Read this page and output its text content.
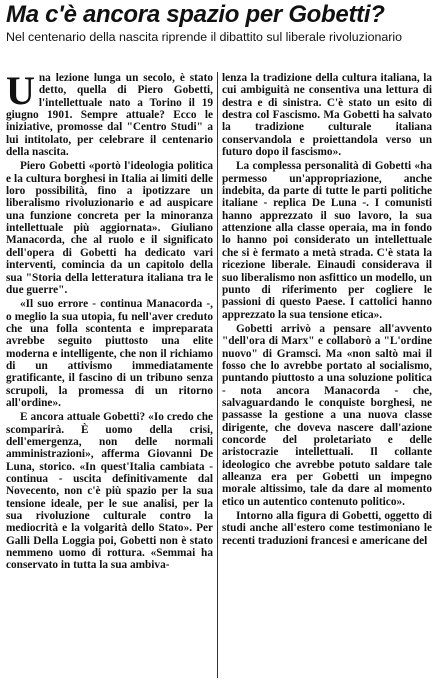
Ma c'è ancora spazio per Gobetti?
Nel centenario della nascita riprende il dibattito sul liberale rivoluzionario

Una lezione lunga un secolo, è stato detto, quella di Piero Gobetti, l'intellettuale nato a Torino il 19 giugno 1901. Sempre attuale? Ecco le iniziative, promosse dal "Centro Studi" a lui intitolato, per celebrare il centenario della nascita.

Piero Gobetti «portò l'ideologia politica e la cultura borghesi in Italia ai limiti delle loro possibilità, fino a ipotizzare un liberalismo rivoluzionario e ad auspicare una funzione concreta per la minoranza intellettuale più aggiornata». Giuliano Manacorda, che al ruolo e il significato dell'opera di Gobetti ha dedicato vari interventi, comincia da un capitolo della sua "Storia della letteratura italiana tra le due guerre".

«Il suo errore - continua Manacorda -, o meglio la sua utopia, fu nell'aver creduto che una folla scontenta e impreparata avrebbe seguito piuttosto una elite moderna e intelligente, che non il richiamo di un attivismo immediatamente gratificante, il fascino di un tribuno senza scrupoli, la promessa di un ritorno all'ordine».

E ancora attuale Gobetti? «Io credo che scomparirà. È uomo della crisi, dell'emergenza, non delle normali amministrazioni», afferma Giovanni De Luna, storico. «In quest'Italia cambiata - continua - uscita definitivamente dal Novecento, non c'è più spazio per la sua tensione ideale, per le sue analisi, per la sua rivoluzione culturale contro la mediocrità e la volgarità dello Stato». Per Galli Della Loggia poi, Gobetti non è stato nemmeno uomo di rottura. «Semmai ha conservato in tutta la sua ambiva-

lenza la tradizione della cultura italiana, la cui ambiguità ne consentiva una lettura di destra e di sinistra. C'è stato un esito di destra col Fascismo. Ma Gobetti ha salvato la tradizione culturale italiana conservandola e proiettandola verso un futuro dopo il fascismo».

La complessa personalità di Gobetti «ha permesso un'appropriazione, anche indebita, da parte di tutte le parti politiche italiane - replica De Luna -. I comunisti hanno apprezzato il suo lavoro, la sua attenzione alla classe operaia, ma in fondo lo hanno poi considerato un intellettuale che si è fermato a metà strada. C'è stata la ricezione liberale. Einaudi considerava il suo liberalismo non asfittico un modello, un punto di riferimento per cogliere le passioni di questo Paese. I cattolici hanno apprezzato la sua tensione etica».

Gobetti arrivò a pensare all'avvento "dell'ora di Marx" e collaborò a "L'ordine nuovo" di Gramsci. Ma «non saltò mai il fosso che lo avrebbe portato al socialismo, puntando piuttosto a una soluzione politica - nota ancora Manacorda - che, salvaguardando le conquiste borghesi, ne passasse la gestione a una nuova classe dirigente, che doveva nascere dall'azione concorde del proletariato e delle aristocrazie intellettuali. Il collante ideologico che avrebbe potuto saldare tale alleanza era per Gobetti un impegno morale altissimo, tale da dare al momento etico un autentico contenuto politico».

Intorno alla figura di Gobetti, oggetto di studi anche all'estero come testimoniano le recenti traduzioni francesi e americane del
